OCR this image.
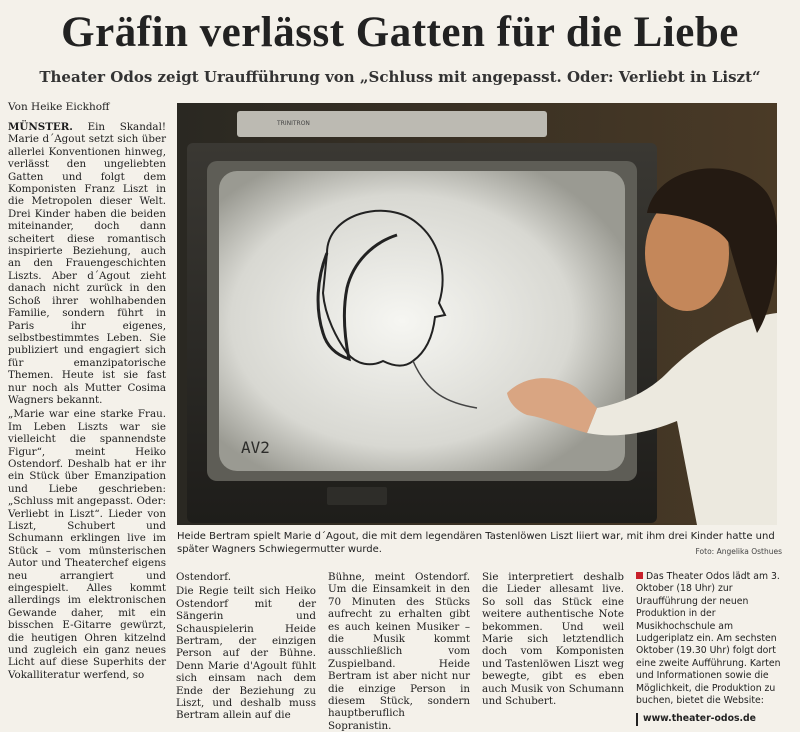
Gräfin verlässt Gatten für die Liebe
Theater Odos zeigt Uraufführung von „Schluss mit angepasst. Oder: Verliebt in Liszt“
Von Heike Eickhoff

MÜNSTER. Ein Skandal! Marie d´Agout setzt sich über allerlei Konventionen hinweg, verlässt den ungeliebten Gatten und folgt dem Komponisten Franz Liszt in die Metropolen dieser Welt. Drei Kinder haben die beiden miteinander, doch dann scheitert diese romantisch inspirierte Beziehung, auch an den Frauengeschichten Liszts. Aber d´Agout zieht danach nicht zurück in den Schoß ihrer wohlhabenden Familie, sondern führt in Paris ihr eigenes, selbstbestimmtes Leben. Sie publiziert und engagiert sich für emanzipatorische Themen. Heute ist sie fast nur noch als Mutter Cosima Wagners bekannt.

„Marie war eine starke Frau. Im Leben Liszts war sie vielleicht die spannendste Figur“, meint Heiko Ostendorf. Deshalb hat er ihr ein Stück über Emanzipation und Liebe geschrieben: „Schluss mit angepasst. Oder: Verliebt in Liszt“. Lieder von Liszt, Schubert und Schumann erklingen live im Stück – vom münsterischen Autor und Theaterchef eigens neu arrangiert und eingespielt. Alles kommt allerdings im elektronischen Gewande daher, mit ein bisschen E-Gitarre gewürzt, die heutigen Ohren kitzelnd und zugleich ein ganz neues Licht auf diese Superhits der Vokalliteratur werfend, so

TRINITRON
AV2
Heide Bertram spielt Marie d´Agout, die mit dem legendären Tastenlöwen Liszt liiert war, mit ihm drei Kinder hatte und später Wagners Schwiegermutter wurde.	Foto: Angelika Osthues

Ostendorf.

Die Regie teilt sich Heiko Ostendorf mit der Sängerin und Schauspielerin Heide Bertram, der einzigen Person auf der Bühne. Denn Marie d'Agoult fühlt sich einsam nach dem Ende der Beziehung zu Liszt, und deshalb muss Bertram allein auf die

Bühne, meint Ostendorf. Um die Einsamkeit in den 70 Minuten des Stücks aufrecht zu erhalten gibt es auch keinen Musiker – die Musik kommt ausschließlich vom Zuspielband. Heide Bertram ist aber nicht nur die einzige Person in diesem Stück, sondern hauptberuflich Sopranistin.

Sie interpretiert deshalb die Lieder allesamt live. So soll das Stück eine weitere authentische Note bekommen. Und weil Marie sich letztendlich doch vom Komponisten und Tastenlöwen Liszt weg bewegte, gibt es eben auch Musik von Schumann und Schubert.

Das Theater Odos lädt am 3. Oktober (18 Uhr) zur Uraufführung der neuen Produktion in der Musikhochschule am Ludgeriplatz ein. Am sechsten Oktober (19.30 Uhr) folgt dort eine zweite Aufführung. Karten und Informationen sowie die Möglichkeit, die Produktion zu buchen, bietet die Website:
www.theater-odos.de
